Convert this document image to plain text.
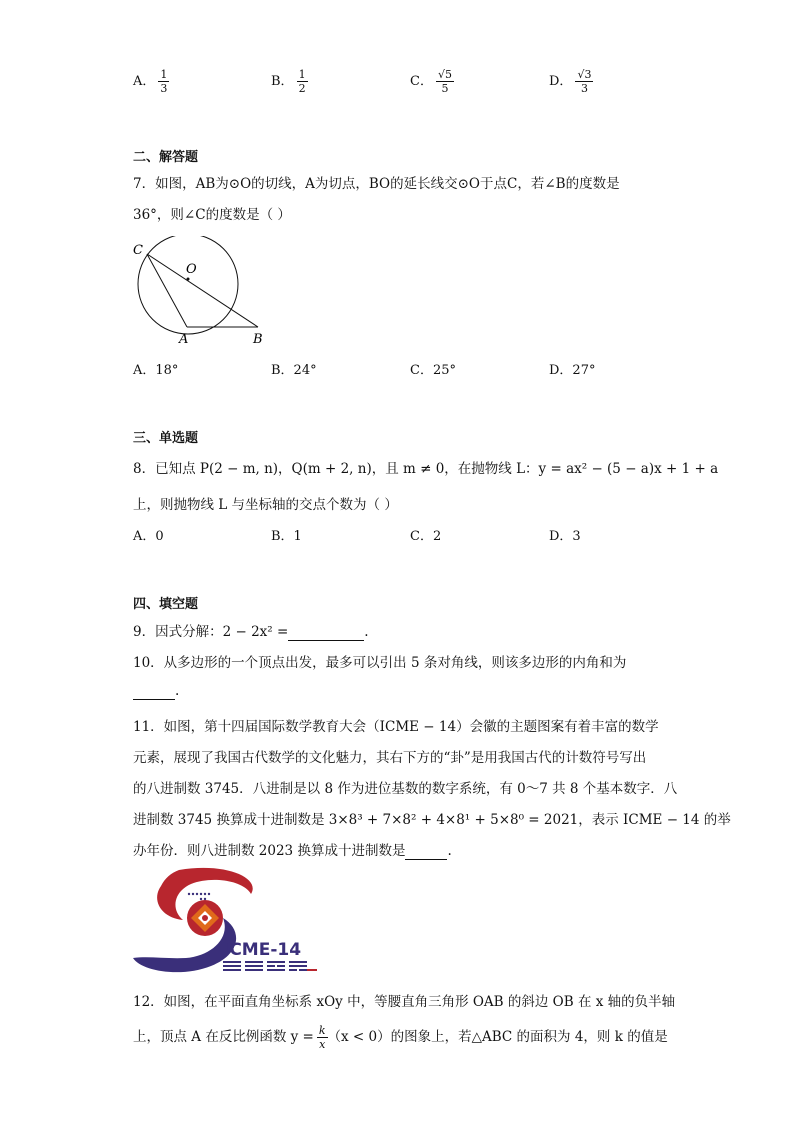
A． $\frac{1}{3}$	B． $\frac{1}{2}$	C． $\frac{√5}{5}$	D． $\frac{√3}{3}$
二、解答题
7．如图，AB为⊙O的切线，A为切点，BO的延长线交⊙O于点C，若∠B的度数是
36°，则∠C的度数是（ ）
C
O
A	B
A．18°	B．24°	C．25°	D．27°
三、单选题
8．已知点 P(2 − m, n)，Q(m + 2, n)，且 m ≠ 0，在抛物线 L：y = ax² − (5 − a)x + 1 + a
上，则抛物线 L 与坐标轴的交点个数为（ ）
A．0	B．1	C．2	D．3
四、填空题
9．因式分解：2 − 2x² =	.
10．从多边形的一个顶点出发，最多可以引出 5 条对角线，则该多边形的内角和为
.
11．如图，第十四届国际数学教育大会（ICME − 14）会徽的主题图案有着丰富的数学
元素，展现了我国古代数学的文化魅力，其右下方的“卦”是用我国古代的计数符号写出
的八进制数 3745．八进制是以 8 作为进位基数的数字系统，有 0～7 共 8 个基本数字．八
进制数 3745 换算成十进制数是 3×8³ + 7×8² + 4×8¹ + 5×8⁰ = 2021，表示 ICME − 14 的举
办年份．则八进制数 2023 换算成十进制数是	.
ICME-14
12．如图，在平面直角坐标系 xOy 中，等腰直角三角形 OAB 的斜边 OB 在 x 轴的负半轴
上，顶点 A 在反比例函数 $y = \frac{k}{x} (x < 0)$的图象上，若△ABC 的面积为 4，则 k 的值是
